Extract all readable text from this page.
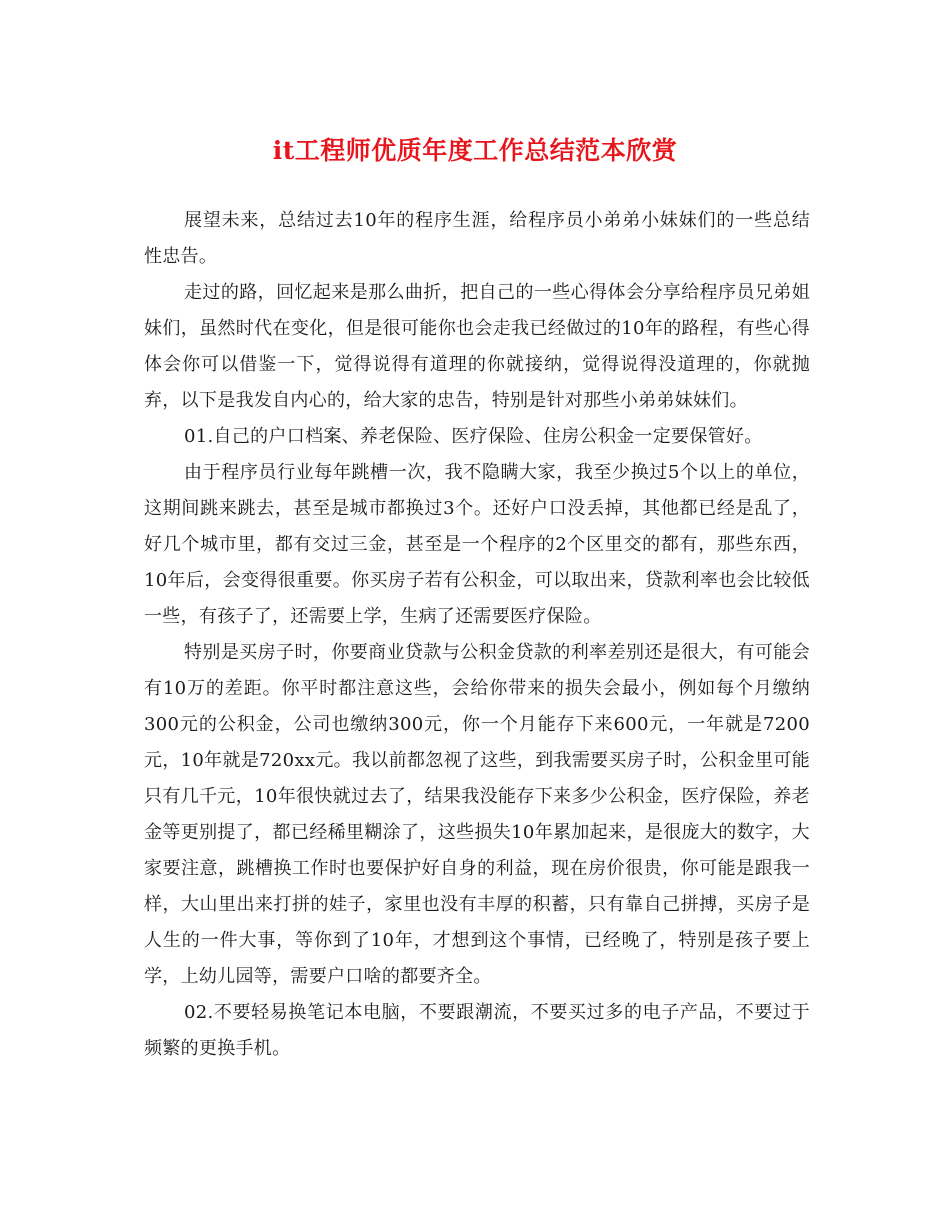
it工程师优质年度工作总结范本欣赏

展望未来，总结过去10年的程序生涯，给程序员小弟弟小妹妹们的一些总结性忠告。

走过的路，回忆起来是那么曲折，把自己的一些心得体会分享给程序员兄弟姐妹们，虽然时代在变化，但是很可能你也会走我已经做过的10年的路程，有些心得体会你可以借鉴一下，觉得说得有道理的你就接纳，觉得说得没道理的，你就抛弃，以下是我发自内心的，给大家的忠告，特别是针对那些小弟弟妹妹们。

01.自己的户口档案、养老保险、医疗保险、住房公积金一定要保管好。

由于程序员行业每年跳槽一次，我不隐瞒大家，我至少换过5个以上的单位，这期间跳来跳去，甚至是城市都换过3个。还好户口没丢掉，其他都已经是乱了，好几个城市里，都有交过三金，甚至是一个程序的2个区里交的都有，那些东西，10年后，会变得很重要。你买房子若有公积金，可以取出来，贷款利率也会比较低一些，有孩子了，还需要上学，生病了还需要医疗保险。

特别是买房子时，你要商业贷款与公积金贷款的利率差别还是很大，有可能会有10万的差距。你平时都注意这些，会给你带来的损失会最小，例如每个月缴纳300元的公积金，公司也缴纳300元，你一个月能存下来600元，一年就是7200元，10年就是720xx元。我以前都忽视了这些，到我需要买房子时，公积金里可能只有几千元，10年很快就过去了，结果我没能存下来多少公积金，医疗保险，养老金等更别提了，都已经稀里糊涂了，这些损失10年累加起来，是很庞大的数字，大家要注意，跳槽换工作时也要保护好自身的利益，现在房价很贵，你可能是跟我一样，大山里出来打拼的娃子，家里也没有丰厚的积蓄，只有靠自己拼搏，买房子是人生的一件大事，等你到了10年，才想到这个事情，已经晚了，特别是孩子要上学，上幼儿园等，需要户口啥的都要齐全。

02.不要轻易换笔记本电脑，不要跟潮流，不要买过多的电子产品，不要过于频繁的更换手机。
